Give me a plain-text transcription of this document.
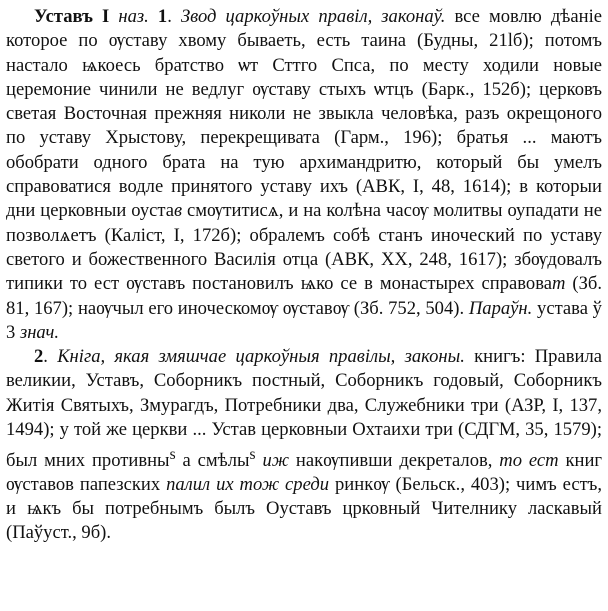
Уставъ I наз. 1. Звод царкоўных правіл, законаў. все мовлю дѣаніе которое по ѹставу хвому бываеть, есть таина (Будны, 21lб); потомъ настало ѩкоесь братство ѡт Сттго Спса, по месту ходили новые церемоние чинили не ведлуг ѹставу стыхъ ѡтцъ (Барк., 152б); церковъ светая Восточная прежняя николи не звыкла человѣка, разъ окрещоного по уставу Хрыстову, перекрещивата (Гарм., 196); братья ... маютъ обобрати одного брата на тую архимандритю, который бы умелъ справоватися водле принятого уставу ихъ (АВК, I, 48, 1614); в которыи дни церковныи оустав смѹтитисѧ, и на колѣна часѹ молитвы оупадати не позволѧетъ (Каліст, I, 172б); обралемъ собѣ станъ иноческий по уставу светого и божественного Василія отца (АВК, XX, 248, 1617); збѹдовалъ типики то ест ѹставъ постановилъ ѩко се в монастырех справоват (Зб. 81, 167); наѹчыл его иноческомѹ ѹставѹ (Зб. 752, 504). Параўн. устава ў 3 знач.

2. Кніга, якая змяшчае царкоўныя правілы, законы. книгъ: Правила великии, Уставъ, Соборникъ постный, Соборникъ годовый, Соборникъ Житія Святыхъ, Змурагдъ, Потребники два, Служебники три (АЗР, I, 137, 1494); у той же церкви ... Устав церковныи Охтаихи три (СДГМ, 35, 1579); был мних противны$^s$ а смѣлы$^s$ иж накѹпивши декреталов, то ест книг ѹставов папезских палил их тож среди ринкѹ (Бельск., 403); чимъ естъ, и ѩкъ бы потребнымъ былъ Оуставъ црковный Чителнику ласкавый (Паўуст., 9б).
